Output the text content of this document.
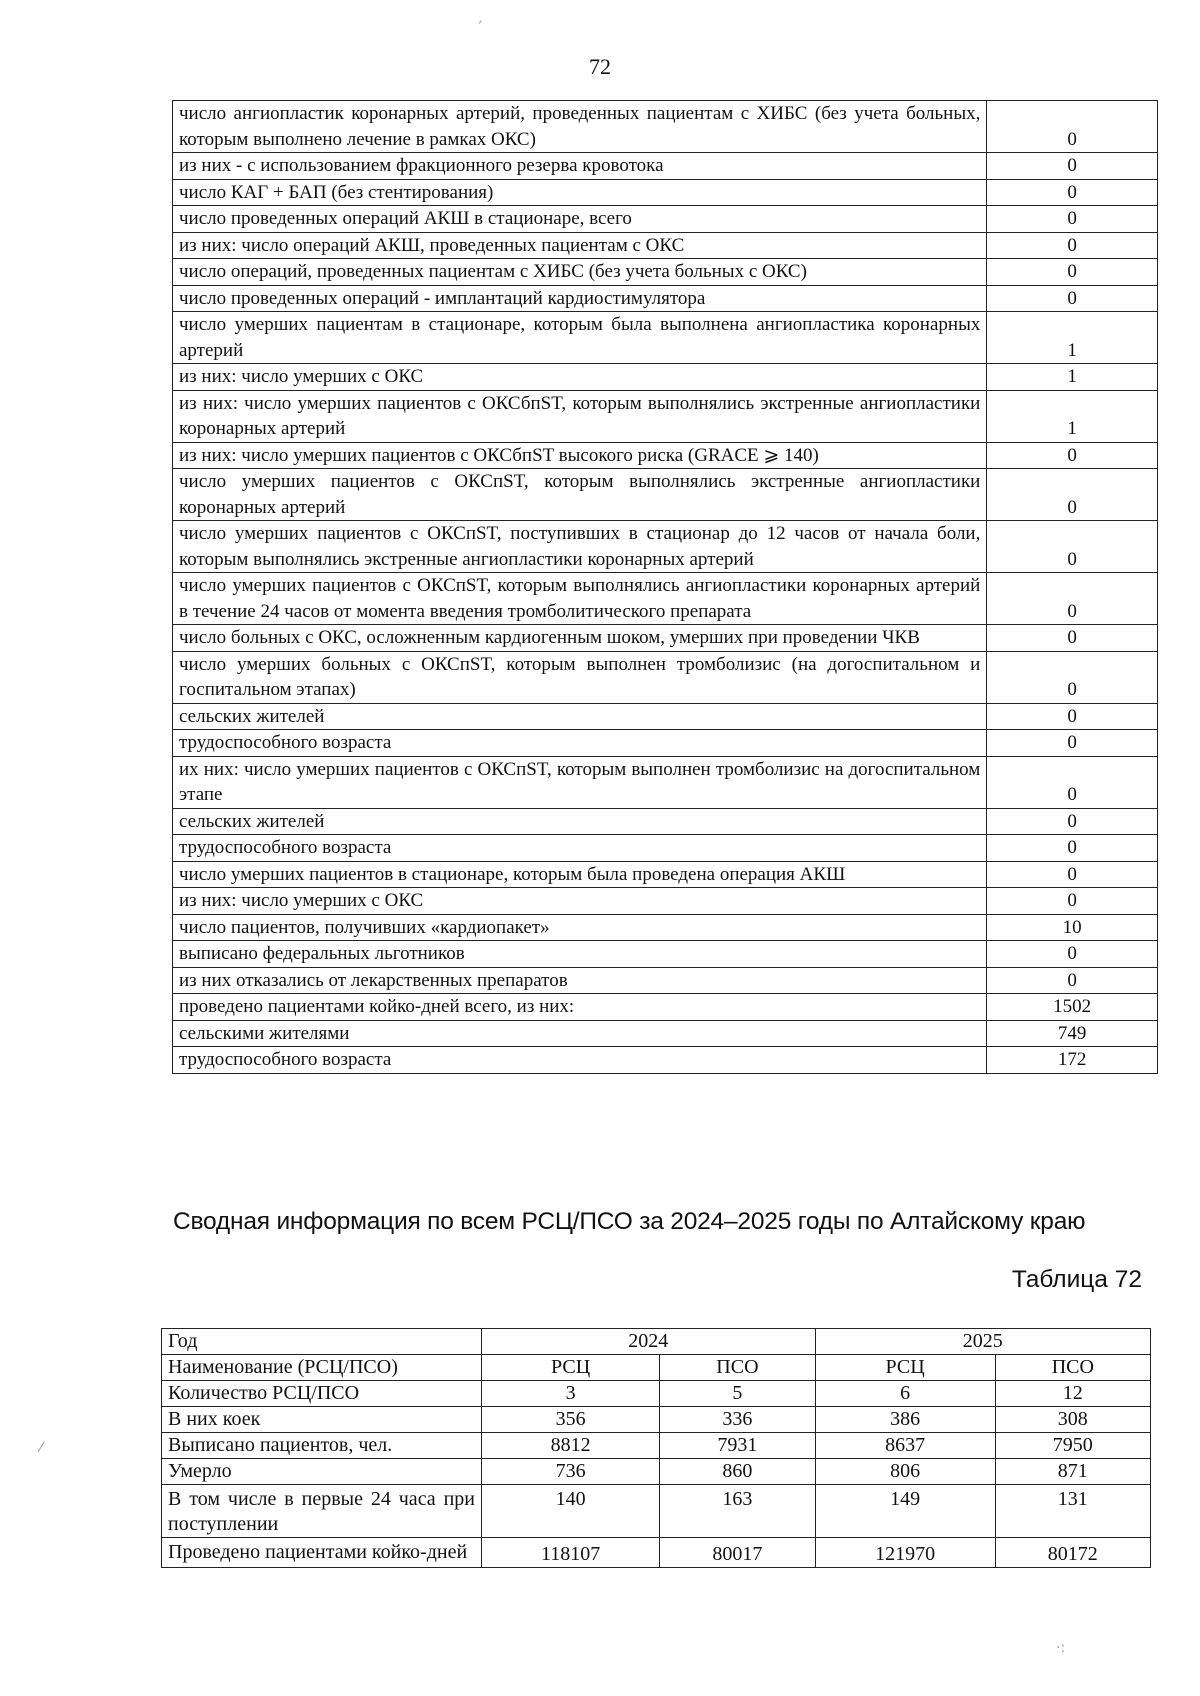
72
число ангиопластик коронарных артерий, проведенных пациентам с ХИБС (без учета больных, которым выполнено лечение в рамках ОКС)	0
из них - с использованием фракционного резерва кровотока	0
число КАГ + БАП (без стентирования)	0
число проведенных операций АКШ в стационаре, всего	0
из них: число операций АКШ, проведенных пациентам с ОКС	0
число операций, проведенных пациентам с ХИБС (без учета больных с ОКС)	0
число проведенных операций - имплантаций кардиостимулятора	0
число умерших пациентам в стационаре, которым была выполнена ангиопластика коронарных артерий	1
из них: число умерших с ОКС	1
из них: число умерших пациентов с ОКСбпST, которым выполнялись экстренные ангиопластики коронарных артерий	1
из них: число умерших пациентов с ОКСбпST высокого риска (GRACE ⩾ 140)	0
число умерших пациентов с ОКСпST, которым выполнялись экстренные ангиопластики коронарных артерий	0
число умерших пациентов с ОКСпST, поступивших в стационар до 12 часов от начала боли, которым выполнялись экстренные ангиопластики коронарных артерий	0
число умерших пациентов с ОКСпST, которым выполнялись ангиопластики коронарных артерий в течение 24 часов от момента введения тромболитического препарата	0
число больных с ОКС, осложненным кардиогенным шоком, умерших при проведении ЧКВ	0
число умерших больных с ОКСпST, которым выполнен тромболизис (на догоспитальном и госпитальном этапах)	0
сельских жителей	0
трудоспособного возраста	0
их них: число умерших пациентов с ОКСпST, которым выполнен тромболизис на догоспитальном этапе	0
сельских жителей	0
трудоспособного возраста	0
число умерших пациентов в стационаре, которым была проведена операция АКШ	0
из них: число умерших с ОКС	0
число пациентов, получивших «кардиопакет»	10
выписано федеральных льготников	0
из них отказались от лекарственных препаратов	0
проведено пациентами койко-дней всего, из них:	1502
сельскими жителями	749
трудоспособного возраста	172
Сводная информация по всем РСЦ/ПСО за 2024–2025 годы по Алтайскому краю
Таблица 72
Год	2024		2025	
Наименование (РСЦ/ПСО)	РСЦ	ПСО	РСЦ	ПСО
Количество РСЦ/ПСО	3	5	6	12
В них коек	356	336	386	308
Выписано пациентов, чел.	8812	7931	8637	7950
Умерло	736	860	806	871
В том числе в первые 24 часа при поступлении	140	163	149	131
Проведено пациентами койко-дней	118107	80017	121970	80172
ˏ
⁄
·:
